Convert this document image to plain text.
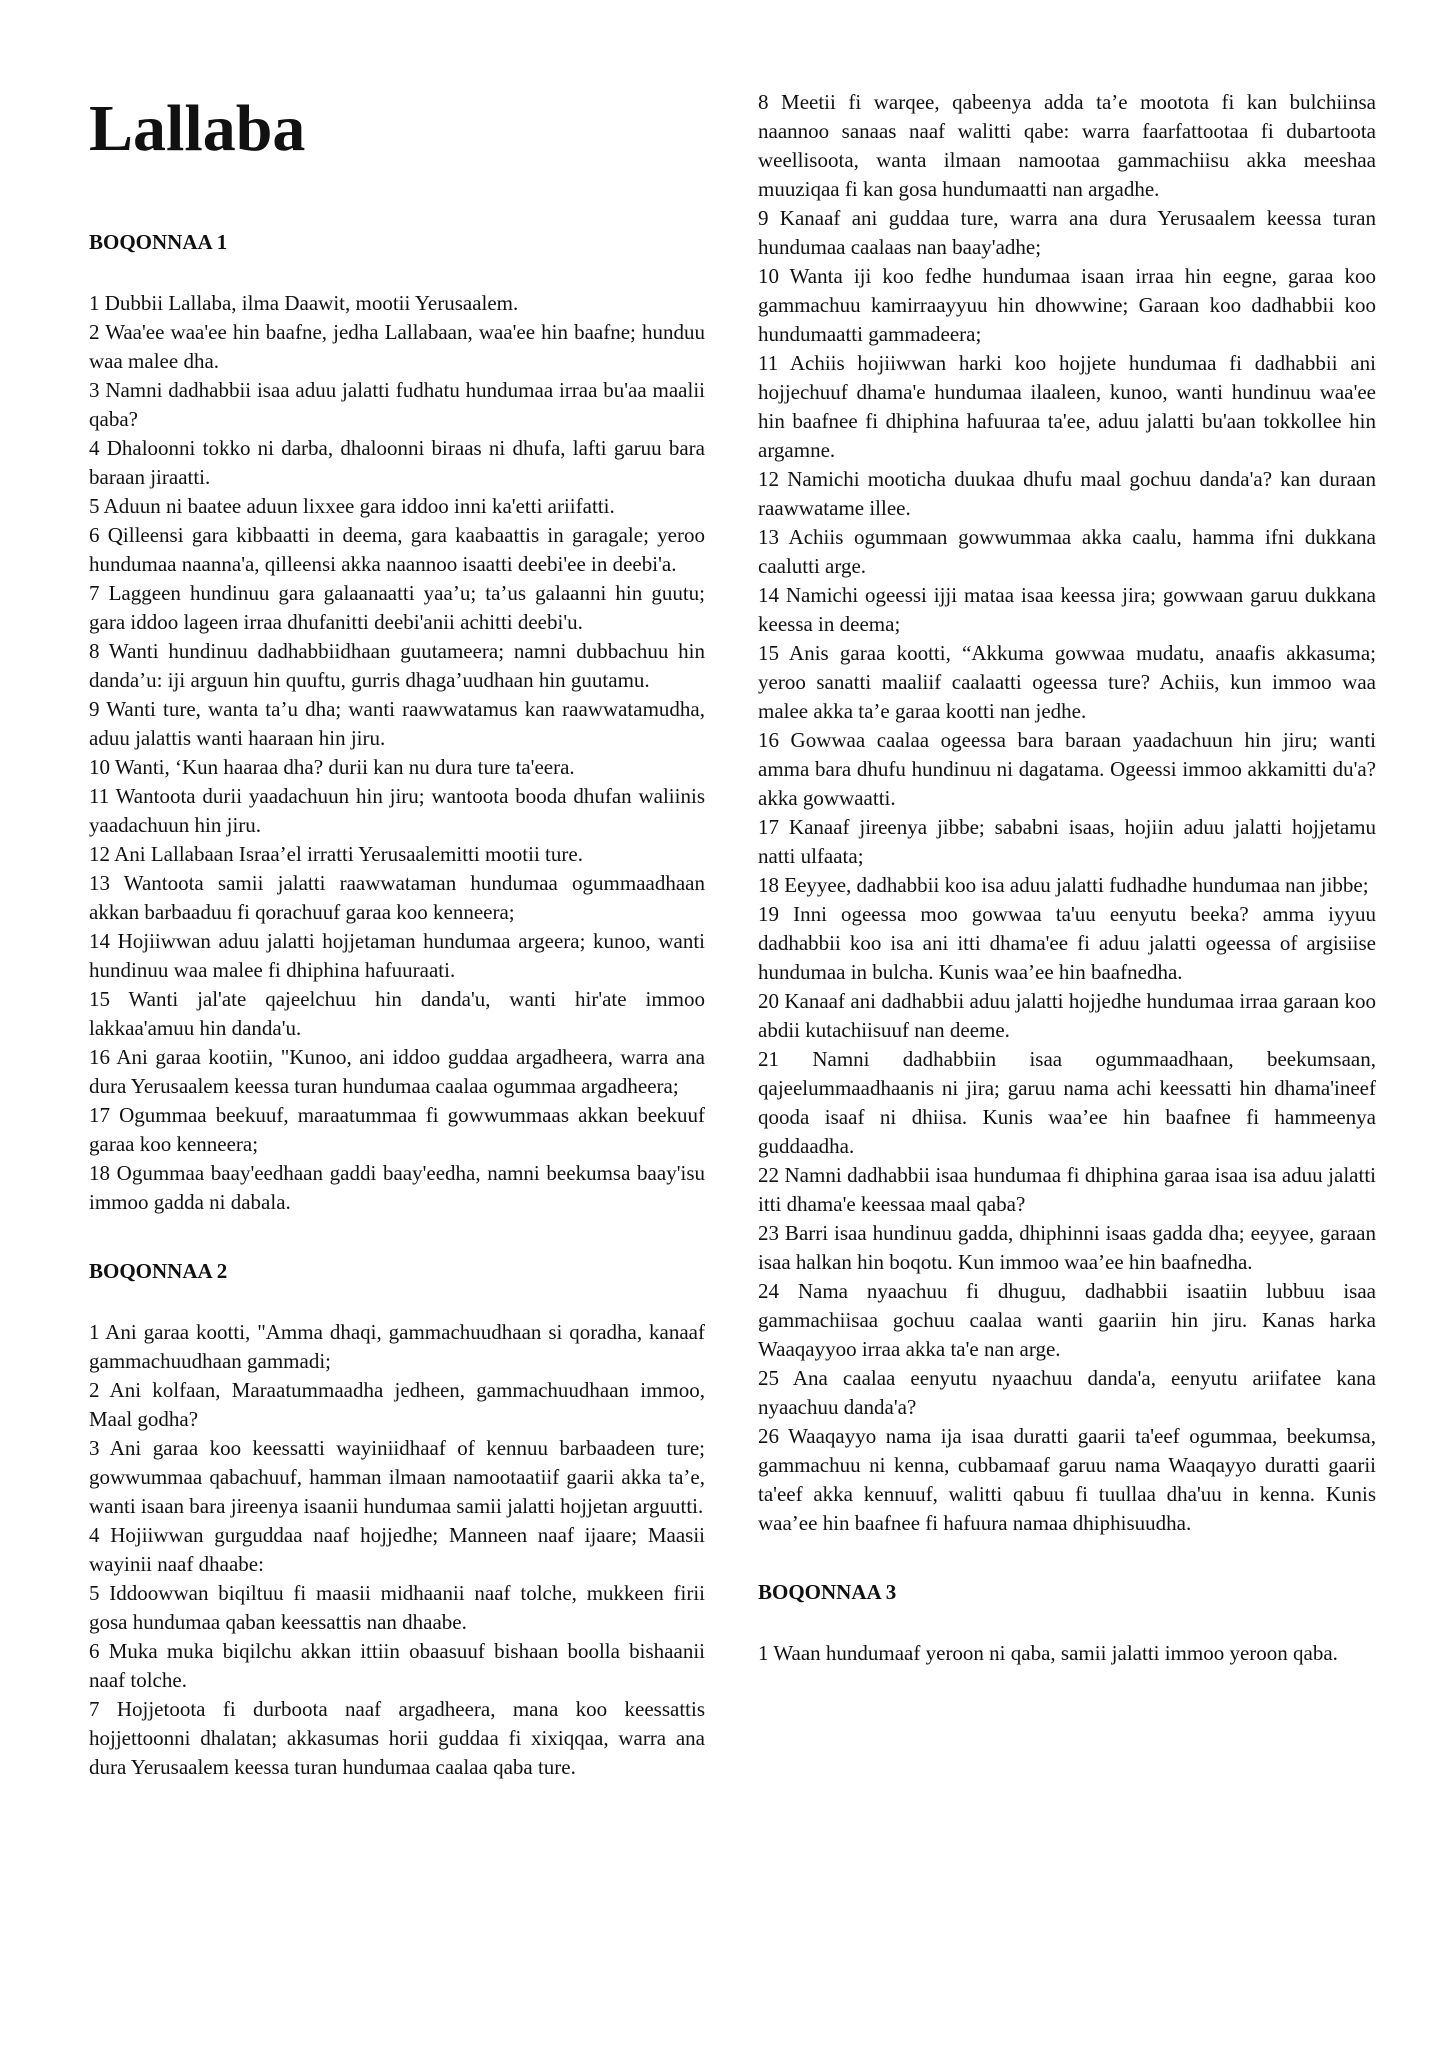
Lallaba
BOQONNAA 1

1 Dubbii Lallaba, ilma Daawit, mootii Yerusaalem.

2 Waa'ee waa'ee hin baafne, jedha Lallabaan, waa'ee hin baafne; hunduu waa malee dha.

3 Namni dadhabbii isaa aduu jalatti fudhatu hundumaa irraa bu'aa maalii qaba?

4 Dhaloonni tokko ni darba, dhaloonni biraas ni dhufa, lafti garuu bara baraan jiraatti.

5 Aduun ni baatee aduun lixxee gara iddoo inni ka'etti ariifatti.

6 Qilleensi gara kibbaatti in deema, gara kaabaattis in garagale; yeroo hundumaa naanna'a, qilleensi akka naannoo isaatti deebi'ee in deebi'a.

7 Laggeen hundinuu gara galaanaatti yaa’u; ta’us galaanni hin guutu; gara iddoo lageen irraa dhufanitti deebi'anii achitti deebi'u.

8 Wanti hundinuu dadhabbiidhaan guutameera; namni dubbachuu hin danda’u: iji arguun hin quuftu, gurris dhaga’uudhaan hin guutamu.

9 Wanti ture, wanta ta’u dha; wanti raawwatamus kan raawwatamudha, aduu jalattis wanti haaraan hin jiru.

10 Wanti, ‘Kun haaraa dha? durii kan nu dura ture ta'eera.

11 Wantoota durii yaadachuun hin jiru; wantoota booda dhufan waliinis yaadachuun hin jiru.

12 Ani Lallabaan Israa’el irratti Yerusaalemitti mootii ture.

13 Wantoota samii jalatti raawwataman hundumaa ogummaadhaan akkan barbaaduu fi qorachuuf garaa koo kenneera;

14 Hojiiwwan aduu jalatti hojjetaman hundumaa argeera; kunoo, wanti hundinuu waa malee fi dhiphina hafuuraati.

15 Wanti jal'ate qajeelchuu hin danda'u, wanti hir'ate immoo lakkaa'amuu hin danda'u.

16 Ani garaa kootiin, "Kunoo, ani iddoo guddaa argadheera, warra ana dura Yerusaalem keessa turan hundumaa caalaa ogummaa argadheera;

17 Ogummaa beekuuf, maraatummaa fi gowwummaas akkan beekuuf garaa koo kenneera;

18 Ogummaa baay'eedhaan gaddi baay'eedha, namni beekumsa baay'isu immoo gadda ni dabala.

BOQONNAA 2

1 Ani garaa kootti, "Amma dhaqi, gammachuudhaan si qoradha, kanaaf gammachuudhaan gammadi;

2 Ani kolfaan, Maraatummaadha jedheen, gammachuudhaan immoo, Maal godha?

3 Ani garaa koo keessatti wayiniidhaaf of kennuu barbaadeen ture; gowwummaa qabachuuf, hamman ilmaan namootaatiif gaarii akka ta’e, wanti isaan bara jireenya isaanii hundumaa samii jalatti hojjetan arguutti.

4 Hojiiwwan gurguddaa naaf hojjedhe; Manneen naaf ijaare; Maasii wayinii naaf dhaabe:

5 Iddoowwan biqiltuu fi maasii midhaanii naaf tolche, mukkeen firii gosa hundumaa qaban keessattis nan dhaabe.

6 Muka muka biqilchu akkan ittiin obaasuuf bishaan boolla bishaanii naaf tolche.

7 Hojjetoota fi durboota naaf argadheera, mana koo keessattis hojjettoonni dhalatan; akkasumas horii guddaa fi xixiqqaa, warra ana dura Yerusaalem keessa turan hundumaa caalaa qaba ture.

8 Meetii fi warqee, qabeenya adda ta’e mootota fi kan bulchiinsa naannoo sanaas naaf walitti qabe: warra faarfattootaa fi dubartoota weellisoota, wanta ilmaan namootaa gammachiisu akka meeshaa muuziqaa fi kan gosa hundumaatti nan argadhe.

9 Kanaaf ani guddaa ture, warra ana dura Yerusaalem keessa turan hundumaa caalaas nan baay'adhe;

10 Wanta iji koo fedhe hundumaa isaan irraa hin eegne, garaa koo gammachuu kamirraayyuu hin dhowwine; Garaan koo dadhabbii koo hundumaatti gammadeera;

11 Achiis hojiiwwan harki koo hojjete hundumaa fi dadhabbii ani hojjechuuf dhama'e hundumaa ilaaleen, kunoo, wanti hundinuu waa'ee hin baafnee fi dhiphina hafuuraa ta'ee, aduu jalatti bu'aan tokkollee hin argamne.

12 Namichi mooticha duukaa dhufu maal gochuu danda'a? kan duraan raawwatame illee.

13 Achiis ogummaan gowwummaa akka caalu, hamma ifni dukkana caalutti arge.

14 Namichi ogeessi ijji mataa isaa keessa jira; gowwaan garuu dukkana keessa in deema;

15 Anis garaa kootti, “Akkuma gowwaa mudatu, anaafis akkasuma; yeroo sanatti maaliif caalaatti ogeessa ture? Achiis, kun immoo waa malee akka ta’e garaa kootti nan jedhe.

16 Gowwaa caalaa ogeessa bara baraan yaadachuun hin jiru; wanti amma bara dhufu hundinuu ni dagatama. Ogeessi immoo akkamitti du'a? akka gowwaatti.

17 Kanaaf jireenya jibbe; sababni isaas, hojiin aduu jalatti hojjetamu natti ulfaata;

18 Eeyyee, dadhabbii koo isa aduu jalatti fudhadhe hundumaa nan jibbe;

19 Inni ogeessa moo gowwaa ta'uu eenyutu beeka? amma iyyuu dadhabbii koo isa ani itti dhama'ee fi aduu jalatti ogeessa of argisiise hundumaa in bulcha. Kunis waa’ee hin baafnedha.

20 Kanaaf ani dadhabbii aduu jalatti hojjedhe hundumaa irraa garaan koo abdii kutachiisuuf nan deeme.

21 Namni dadhabbiin isaa ogummaadhaan, beekumsaan, qajeelummaadhaanis ni jira; garuu nama achi keessatti hin dhama'ineef qooda isaaf ni dhiisa. Kunis waa’ee hin baafnee fi hammeenya guddaadha.

22 Namni dadhabbii isaa hundumaa fi dhiphina garaa isaa isa aduu jalatti itti dhama'e keessaa maal qaba?

23 Barri isaa hundinuu gadda, dhiphinni isaas gadda dha; eeyyee, garaan isaa halkan hin boqotu. Kun immoo waa’ee hin baafnedha.

24 Nama nyaachuu fi dhuguu, dadhabbii isaatiin lubbuu isaa gammachiisaa gochuu caalaa wanti gaariin hin jiru. Kanas harka Waaqayyoo irraa akka ta'e nan arge.

25 Ana caalaa eenyutu nyaachuu danda'a, eenyutu ariifatee kana nyaachuu danda'a?

26 Waaqayyo nama ija isaa duratti gaarii ta'eef ogummaa, beekumsa, gammachuu ni kenna, cubbamaaf garuu nama Waaqayyo duratti gaarii ta'eef akka kennuuf, walitti qabuu fi tuullaa dha'uu in kenna. Kunis waa’ee hin baafnee fi hafuura namaa dhiphisuudha.

BOQONNAA 3

1 Waan hundumaaf yeroon ni qaba, samii jalatti immoo yeroon qaba.
